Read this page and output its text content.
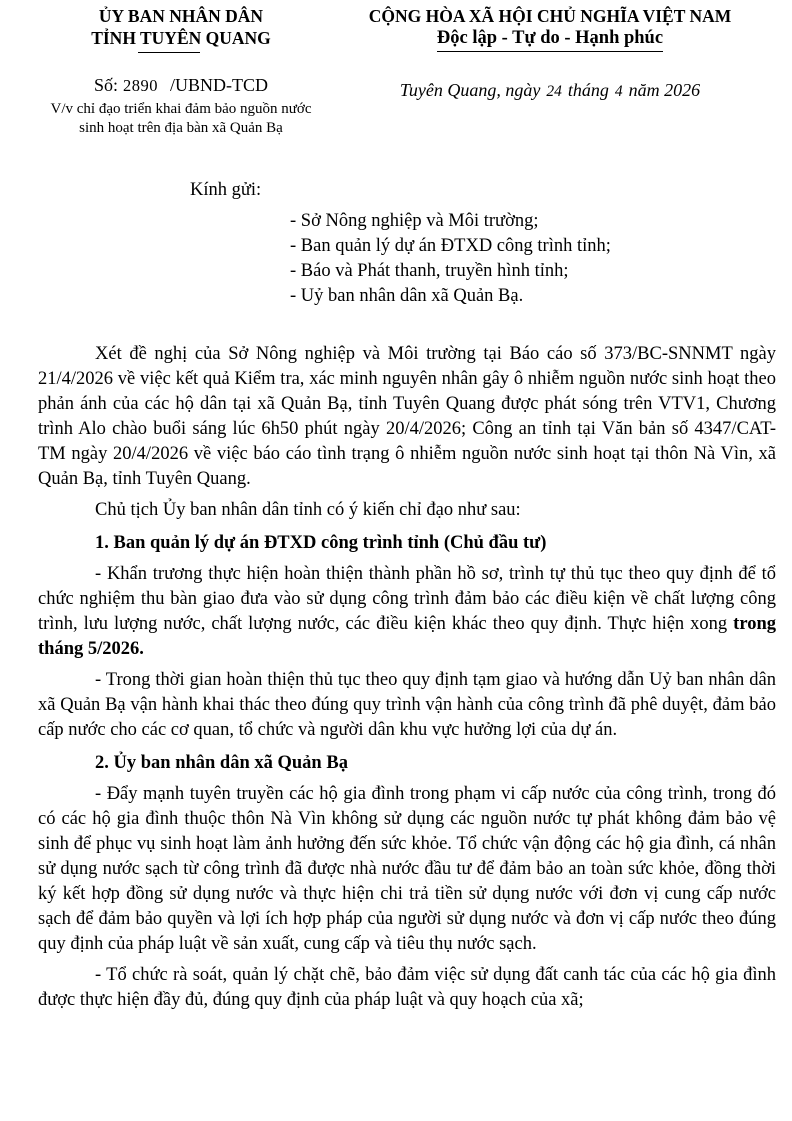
ỦY BAN NHÂN DÂN
TỈNH TUYÊN QUANG
Số: 2890 /UBND-TCD
V/v chỉ đạo triển khai đảm bảo nguồn nước sinh hoạt trên địa bàn xã Quản Bạ
CỘNG HÒA XÃ HỘI CHỦ NGHĨA VIỆT NAM
Độc lập - Tự do - Hạnh phúc
Tuyên Quang, ngày 24 tháng 4 năm 2026
Kính gửi:
- Sở Nông nghiệp và Môi trường;
- Ban quản lý dự án ĐTXD công trình tỉnh;
- Báo và Phát thanh, truyền hình tỉnh;
- Uỷ ban nhân dân xã Quản Bạ.

Xét đề nghị của Sở Nông nghiệp và Môi trường tại Báo cáo số 373/BC-SNNMT ngày 21/4/2026 về việc kết quả Kiểm tra, xác minh nguyên nhân gây ô nhiễm nguồn nước sinh hoạt theo phản ánh của các hộ dân tại xã Quản Bạ, tỉnh Tuyên Quang được phát sóng trên VTV1, Chương trình Alo chào buổi sáng lúc 6h50 phút ngày 20/4/2026; Công an tỉnh tại Văn bản số 4347/CAT-TM ngày 20/4/2026 về việc báo cáo tình trạng ô nhiễm nguồn nước sinh hoạt tại thôn Nà Vìn, xã Quản Bạ, tỉnh Tuyên Quang.

Chủ tịch Ủy ban nhân dân tỉnh có ý kiến chỉ đạo như sau:

1. Ban quản lý dự án ĐTXD công trình tỉnh (Chủ đầu tư)

- Khẩn trương thực hiện hoàn thiện thành phần hồ sơ, trình tự thủ tục theo quy định để tổ chức nghiệm thu bàn giao đưa vào sử dụng công trình đảm bảo các điều kiện về chất lượng công trình, lưu lượng nước, chất lượng nước, các điều kiện khác theo quy định. Thực hiện xong trong tháng 5/2026.

- Trong thời gian hoàn thiện thủ tục theo quy định tạm giao và hướng dẫn Uỷ ban nhân dân xã Quản Bạ vận hành khai thác theo đúng quy trình vận hành của công trình đã phê duyệt, đảm bảo cấp nước cho các cơ quan, tổ chức và người dân khu vực hưởng lợi của dự án.

2. Ủy ban nhân dân xã Quản Bạ

- Đẩy mạnh tuyên truyền các hộ gia đình trong phạm vi cấp nước của công trình, trong đó có các hộ gia đình thuộc thôn Nà Vìn không sử dụng các nguồn nước tự phát không đảm bảo vệ sinh để phục vụ sinh hoạt làm ảnh hưởng đến sức khỏe. Tổ chức vận động các hộ gia đình, cá nhân sử dụng nước sạch từ công trình đã được nhà nước đầu tư để đảm bảo an toàn sức khỏe, đồng thời ký kết hợp đồng sử dụng nước và thực hiện chi trả tiền sử dụng nước với đơn vị cung cấp nước sạch để đảm bảo quyền và lợi ích hợp pháp của người sử dụng nước và đơn vị cấp nước theo đúng quy định của pháp luật về sản xuất, cung cấp và tiêu thụ nước sạch.

- Tổ chức rà soát, quản lý chặt chẽ, bảo đảm việc sử dụng đất canh tác của các hộ gia đình được thực hiện đầy đủ, đúng quy định của pháp luật và quy hoạch của xã;
